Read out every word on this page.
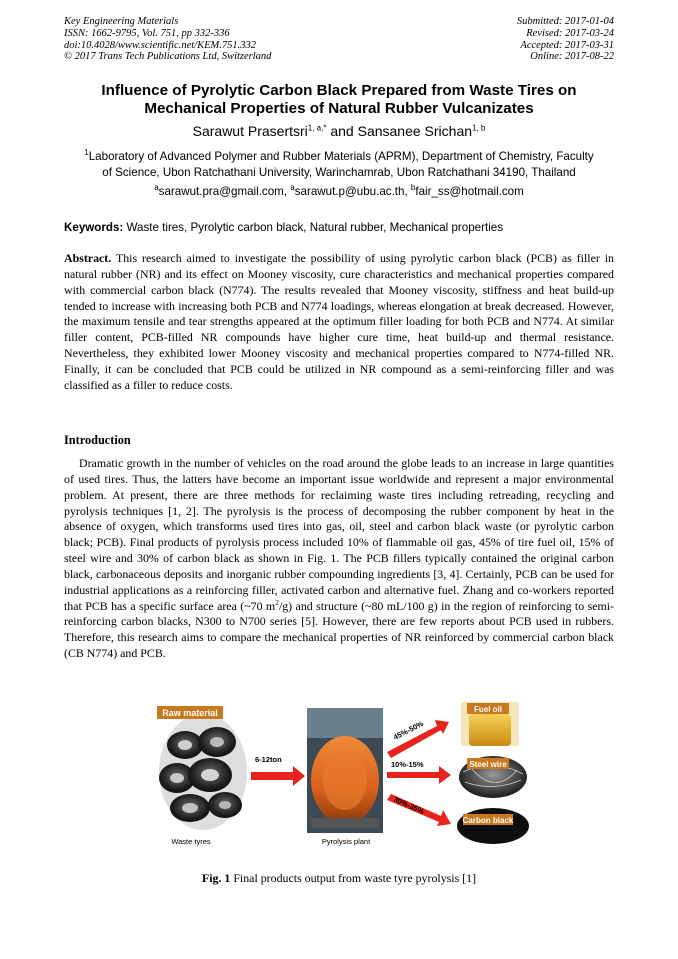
Key Engineering Materials
ISSN: 1662-9795, Vol. 751, pp 332-336
doi:10.4028/www.scientific.net/KEM.751.332
© 2017 Trans Tech Publications Ltd, Switzerland
Submitted: 2017-01-04
Revised: 2017-03-24
Accepted: 2017-03-31
Online: 2017-08-22
Influence of Pyrolytic Carbon Black Prepared from Waste Tires on
Mechanical Properties of Natural Rubber Vulcanizates
Sarawut Prasertsri$^{1, a,*}$ and Sansanee Srichan$^{1, b}$
$^1$Laboratory of Advanced Polymer and Rubber Materials (APRM), Department of Chemistry, Faculty
of Science, Ubon Ratchathani University, Warinchamrab, Ubon Ratchathani 34190, Thailand
$^a$sarawut.pra@gmail.com, $^a$sarawut.p@ubu.ac.th, $^b$fair_ss@hotmail.com
Keywords: Waste tires, Pyrolytic carbon black, Natural rubber, Mechanical properties
Abstract. This research aimed to investigate the possibility of using pyrolytic carbon black (PCB) as filler in natural rubber (NR) and its effect on Mooney viscosity, cure characteristics and mechanical properties compared with commercial carbon black (N774). The results revealed that Mooney viscosity, stiffness and heat build-up tended to increase with increasing both PCB and N774 loadings, whereas elongation at break decreased. However, the maximum tensile and tear strengths appeared at the optimum filler loading for both PCB and N774. At similar filler content, PCB-filled NR compounds have higher cure time, heat build-up and thermal resistance. Nevertheless, they exhibited lower Mooney viscosity and mechanical properties compared to N774-filled NR. Finally, it can be concluded that PCB could be utilized in NR compound as a semi-reinforcing filler and was classified as a filler to reduce costs.
Introduction
Dramatic growth in the number of vehicles on the road around the globe leads to an increase in large quantities of used tires. Thus, the latters have become an important issue worldwide and represent a major environmental problem. At present, there are three methods for reclaiming waste tires including retreading, recycling and pyrolysis techniques [1, 2]. The pyrolysis is the process of decomposing the rubber component by heat in the absence of oxygen, which transforms used tires into gas, oil, steel and carbon black waste (or pyrolytic carbon black; PCB). Final products of pyrolysis process included 10% of flammable oil gas, 45% of tire fuel oil, 15% of steel wire and 30% of carbon black as shown in Fig. 1. The PCB fillers typically contained the original carbon black, carbonaceous deposits and inorganic rubber compounding ingredients [3, 4]. Certainly, PCB can be used for industrial applications as a reinforcing filler, activated carbon and alternative fuel. Zhang and co-workers reported that PCB has a specific surface area (~70 $m^2/g$) and structure (~80 mL/100 g) in the region of reinforcing to semi-reinforcing carbon blacks, N300 to N700 series [5]. However, there are few reports about PCB used in rubbers. Therefore, this research aims to compare the mechanical properties of NR reinforced by commercial carbon black (CB N774) and PCB.
Raw material
Waste tyres
6-12ton
Pyrolysis plant
45%-50%
10%-15%
30%-35%
Fuel oil
Steel wire
Carbon black
Fig. 1 Final products output from waste tyre pyrolysis [1]
